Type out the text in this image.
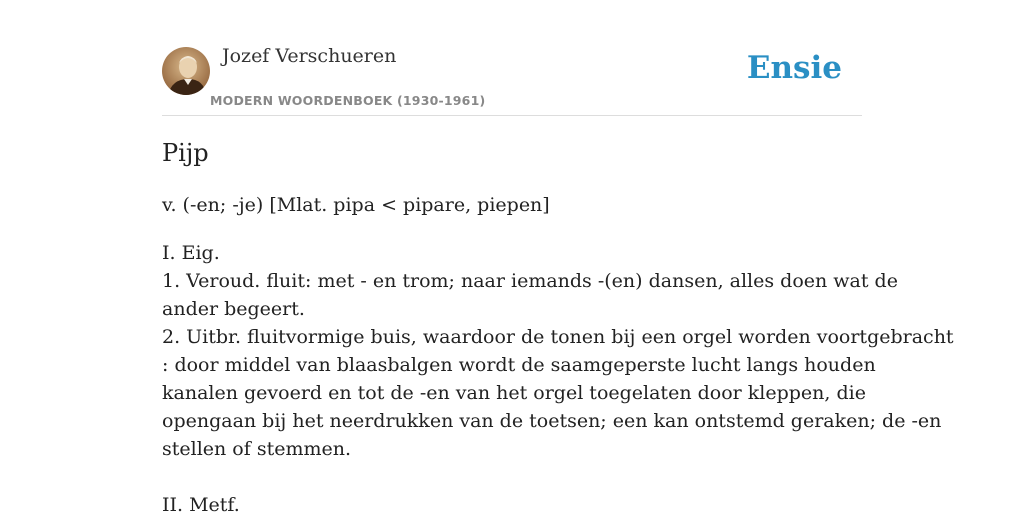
Jozef Verschueren
MODERN WOORDENBOEK (1930-1961)
Ensie
Pijp
v. (-en; -je) [Mlat. pipa < pipare, piepen]
I. Eig.
1. Veroud. fluit: met - en trom; naar iemands -(en) dansen, alles doen wat de
ander begeert.
2. Uitbr. fluitvormige buis, waardoor de tonen bij een orgel worden voortgebracht
: door middel van blaasbalgen wordt de saamgeperste lucht langs houden
kanalen gevoerd en tot de -en van het orgel toegelaten door kleppen, die
opengaan bij het neerdrukken van de toetsen; een kan ontstemd geraken; de -en
stellen of stemmen.
II. Metf.
